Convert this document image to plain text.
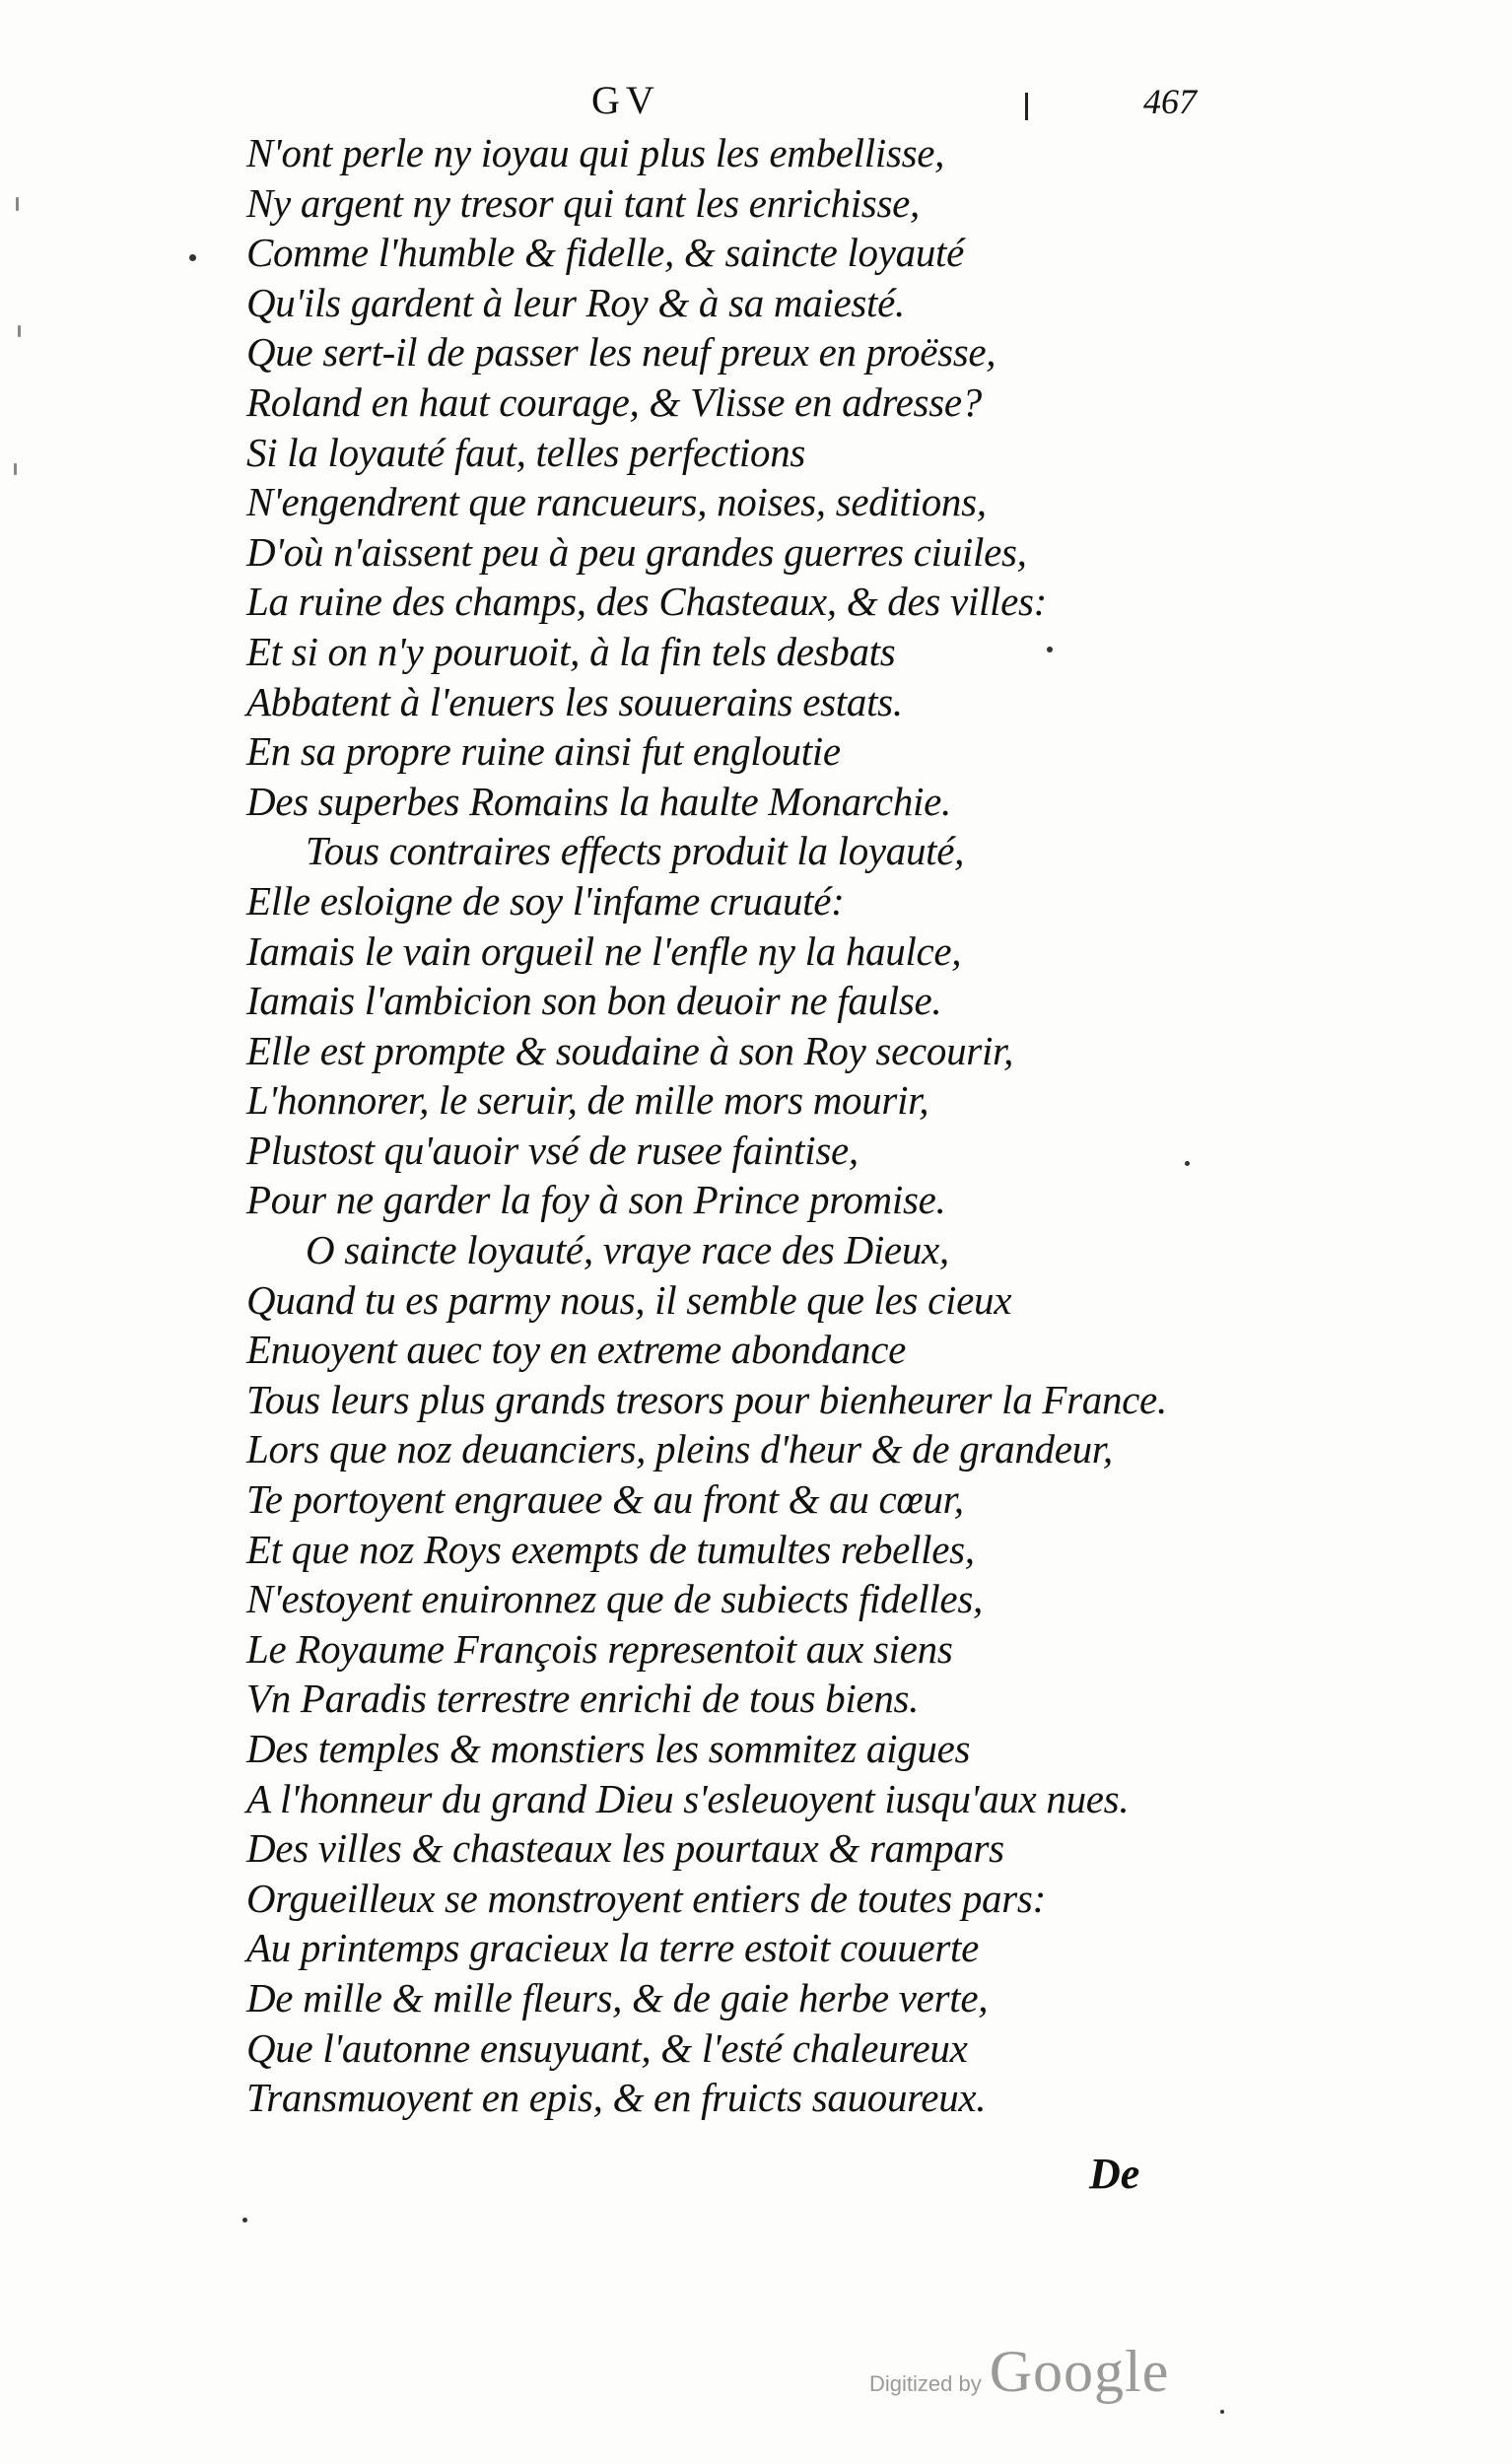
GV	467
N'ont perle ny ioyau qui plus les embellisse,
Ny argent ny tresor qui tant les enrichisse,
Comme l'humble & fidelle, & saincte loyauté
Qu'ils gardent à leur Roy & à sa maiesté.
Que sert-il de passer les neuf preux en proësse,
Roland en haut courage, & Vlisse en adresse?
Si la loyauté faut, telles perfections
N'engendrent que rancueurs, noises, seditions,
D'où n'aissent peu à peu grandes guerres ciuiles,
La ruine des champs, des Chasteaux, & des villes:
Et si on n'y pouruoit, à la fin tels desbats
Abbatent à l'enuers les souuerains estats.
En sa propre ruine ainsi fut engloutie
Des superbes Romains la haulte Monarchie.
Tous contraires effects produit la loyauté,
Elle esloigne de soy l'infame cruauté:
Iamais le vain orgueil ne l'enfle ny la haulce,
Iamais l'ambicion son bon deuoir ne faulse.
Elle est prompte & soudaine à son Roy secourir,
L'honnorer, le seruir, de mille mors mourir,
Plustost qu'auoir vsé de rusee faintise,
Pour ne garder la foy à son Prince promise.
O saincte loyauté, vraye race des Dieux,
Quand tu es parmy nous, il semble que les cieux
Enuoyent auec toy en extreme abondance
Tous leurs plus grands tresors pour bienheurer la France.
Lors que noz deuanciers, pleins d'heur & de grandeur,
Te portoyent engrauee & au front & au cœur,
Et que noz Roys exempts de tumultes rebelles,
N'estoyent enuironnez que de subiects fidelles,
Le Royaume François representoit aux siens
Vn Paradis terrestre enrichi de tous biens.
Des temples & monstiers les sommitez aigues
A l'honneur du grand Dieu s'esleuoyent iusqu'aux nues.
Des villes & chasteaux les pourtaux & rampars
Orgueilleux se monstroyent entiers de toutes pars:
Au printemps gracieux la terre estoit couuerte
De mille & mille fleurs, & de gaie herbe verte,
Que l'autonne ensuyuant, & l'esté chaleureux
Transmuoyent en epis, & en fruicts sauoureux.
De
Digitized by Google
